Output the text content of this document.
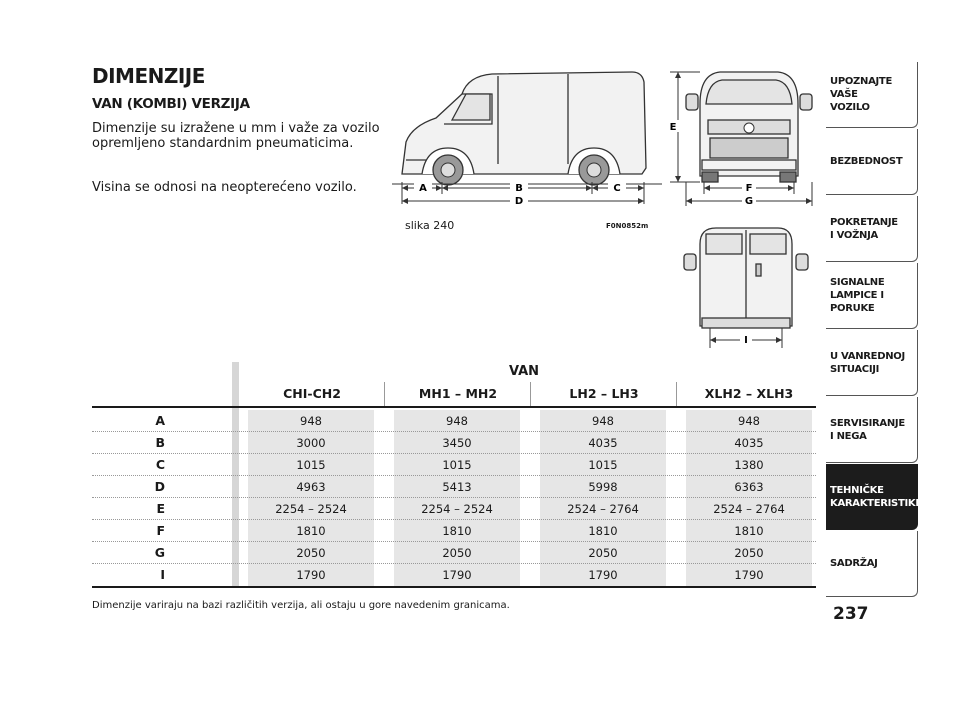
DIMENZIJE
VAN (KOMBI) VERZIJA
Dimenzije su izražene u mm i važe za vozilo opremljeno standardnim pneumaticima.
Visina se odnosi na neopterećeno vozilo.	A	B	C
D
E
F
G
I
slika 240	F0N0852m
VAN
CHI-CH2	MH1 – MH2	LH2 – LH3	XLH2 – XLH3
A	948	948	948	948
B	3000	3450	4035	4035
C	1015	1015	1015	1380
D	4963	5413	5998	6363
E	2254 – 2524	2254 – 2524	2524 – 2764	2524 – 2764
F	1810	1810	1810	1810
G	2050	2050	2050	2050
I	1790	1790	1790	1790
Dimenzije variraju na bazi različitih verzija, ali ostaju u gore navedenim granicama.
UPOZNAJTE
VAŠE
VOZILO
BEZBEDNOST
POKRETANJE
I VOŽNJA
SIGNALNE
LAMPICE I PORUKE
U VANREDNOJ
SITUACIJI
SERVISIRANJE
I NEGA
TEHNIČKE
KARAKTERISTIKE
SADRŽAJ
237
